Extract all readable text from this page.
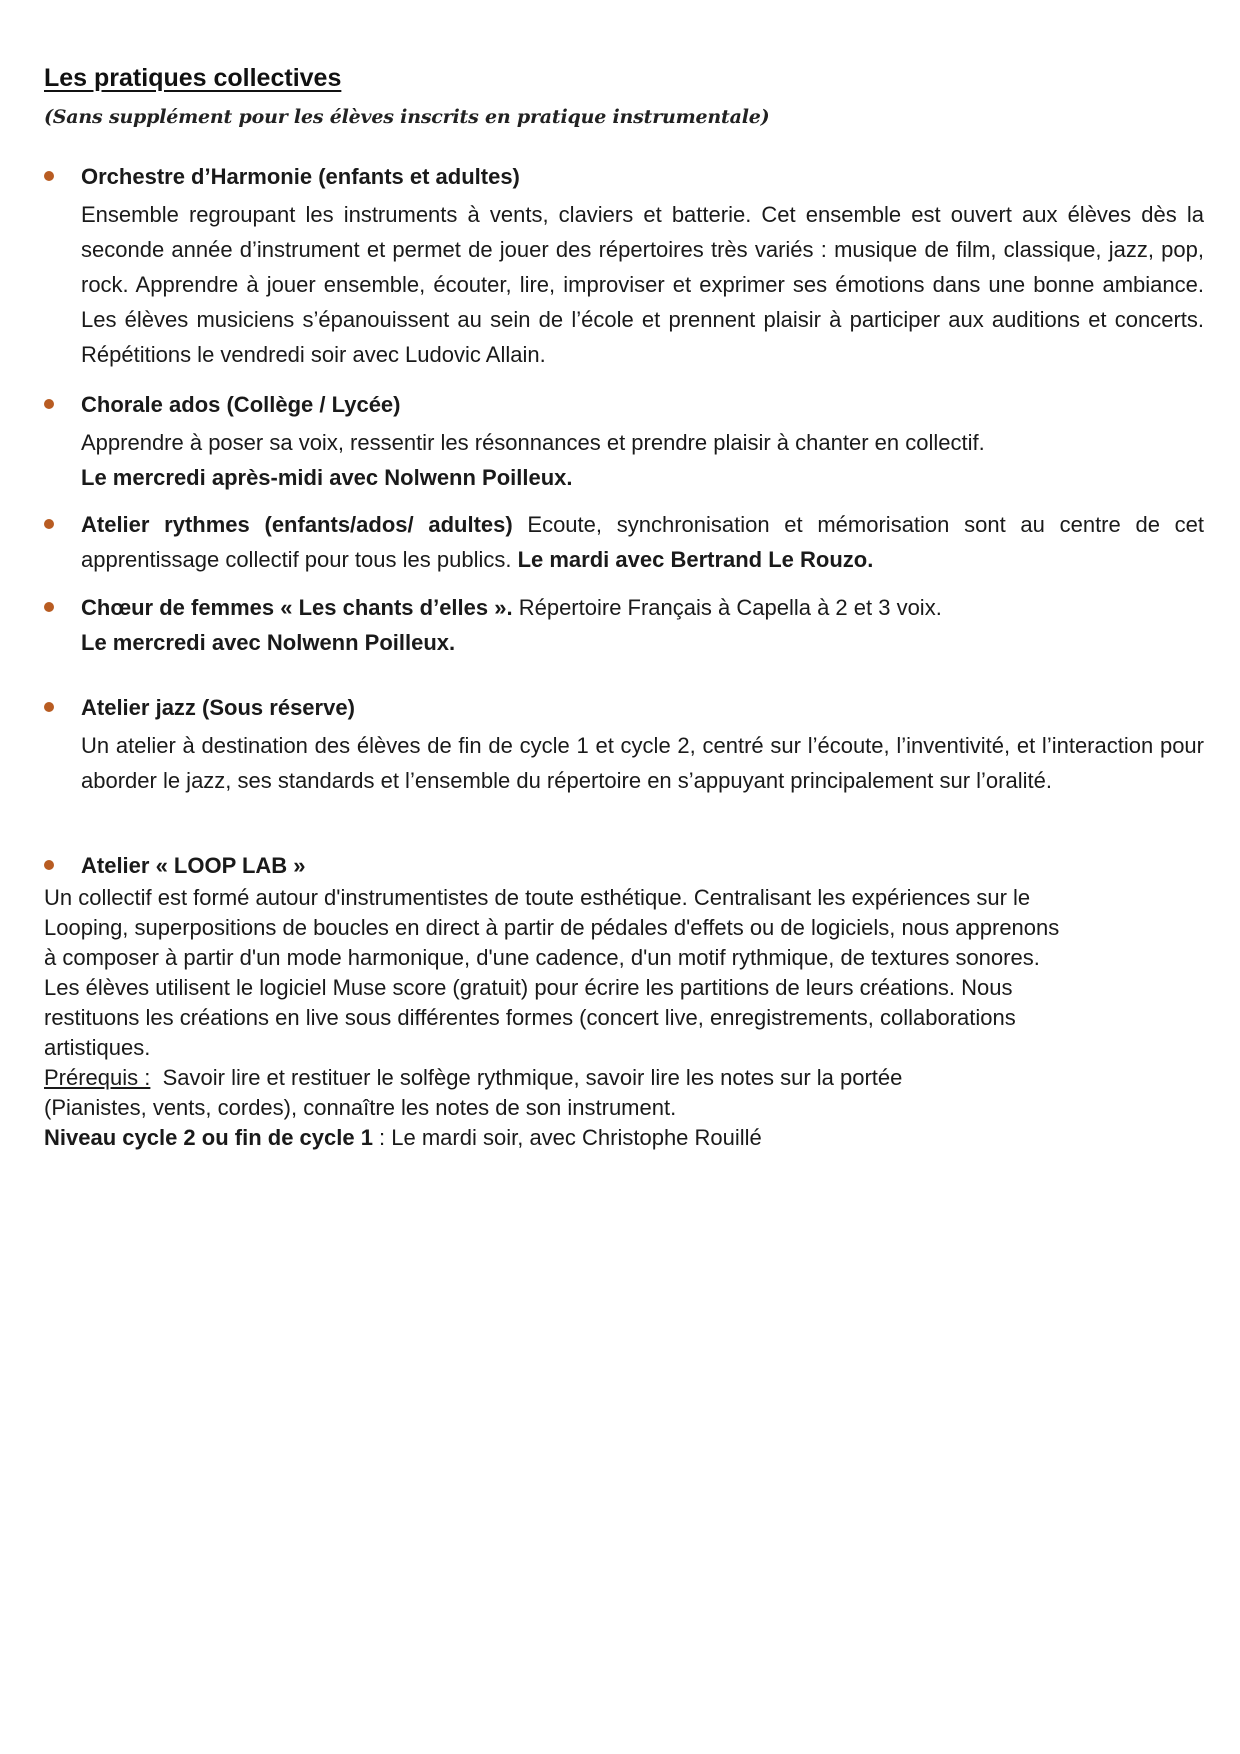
Les pratiques collectives
(Sans supplément pour les élèves inscrits en pratique instrumentale)
Orchestre d’Harmonie (enfants et adultes)
Ensemble regroupant les instruments à vents, claviers et batterie. Cet ensemble est ouvert aux élèves dès la seconde année d’instrument et permet de jouer des répertoires très variés : musique de film, classique, jazz, pop, rock. Apprendre à jouer ensemble, écouter, lire, improviser et exprimer ses émotions dans une bonne ambiance. Les élèves musiciens s’épanouissent au sein de l’école et prennent plaisir à participer aux auditions et concerts. Répétitions le vendredi soir avec Ludovic Allain.
Chorale ados (Collège / Lycée)
Apprendre à poser sa voix, ressentir les résonnances et prendre plaisir à chanter en collectif.
Le mercredi après-midi avec Nolwenn Poilleux.
Atelier rythmes (enfants/ados/ adultes) Ecoute, synchronisation et mémorisation sont au centre de cet apprentissage collectif pour tous les publics. Le mardi avec Bertrand Le Rouzo.
Chœur de femmes « Les chants d’elles ». Répertoire Français à Capella à 2 et 3 voix.
Le mercredi avec Nolwenn Poilleux.
Atelier jazz (Sous réserve)
Un atelier à destination des élèves de fin de cycle 1 et cycle 2, centré sur l’écoute, l’inventivité, et l’interaction pour aborder le jazz, ses standards et l’ensemble du répertoire en s’appuyant principalement sur l’oralité.
Atelier « LOOP LAB »
Un collectif est formé autour d'instrumentistes de toute esthétique. Centralisant les expériences sur le
Looping, superpositions de boucles en direct à partir de pédales d'effets ou de logiciels, nous apprenons
à composer à partir d'un mode harmonique, d'une cadence, d'un motif rythmique, de textures sonores.
Les élèves utilisent le logiciel Muse score (gratuit) pour écrire les partitions de leurs créations. Nous
restituons les créations en live sous différentes formes (concert live, enregistrements, collaborations
artistiques.
Prérequis :  Savoir lire et restituer le solfège rythmique, savoir lire les notes sur la portée
(Pianistes, vents, cordes), connaître les notes de son instrument.
Niveau cycle 2 ou fin de cycle 1 : Le mardi soir, avec Christophe Rouillé
